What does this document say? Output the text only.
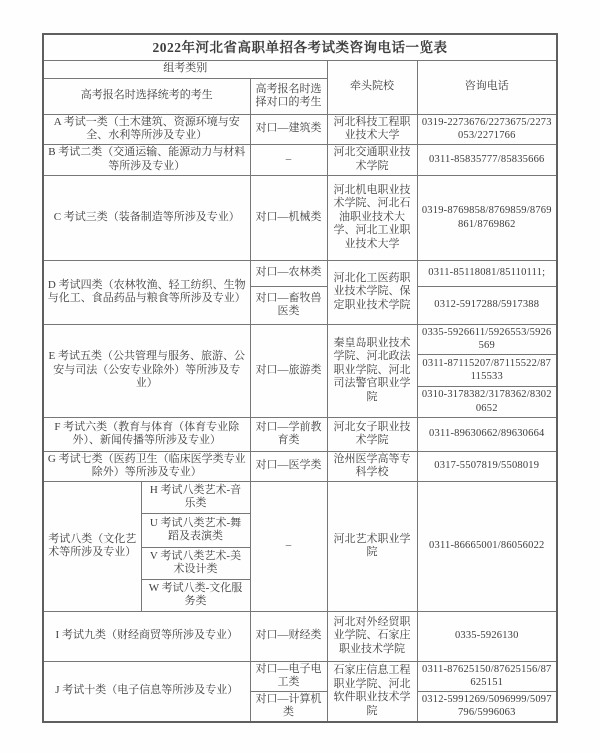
2022年河北省高职单招各考试类咨询电话一览表				
组考类别			牵头院校	咨询电话
高考报名时选择统考的考生		高考报名时选择对口的考生		
A 考试一类（土木建筑、资源环境与安全、水利等所涉及专业）		对口—建筑类	河北科技工程职业技术大学	0319-2273676/2273675/2273053/2271766
B 考试二类（交通运输、能源动力与材料等所涉及专业）		–	河北交通职业技术学院	0311-85835777/85835666
C 考试三类（装备制造等所涉及专业）		对口—机械类	河北机电职业技术学院、河北石油职业技术大学、河北工业职业技术大学	0319-8769858/8769859/8769861/8769862
D 考试四类（农林牧渔、轻工纺织、生物与化工、食品药品与粮食等所涉及专业）		对口—农林类	河北化工医药职业技术学院、保定职业技术学院	0311-85118081/85110111;
		对口—畜牧兽医类		0312-5917288/5917388
E 考试五类（公共管理与服务、旅游、公安与司法（公安专业除外）等所涉及专业）		对口—旅游类	秦皇岛职业技术学院、河北政法职业学院、河北司法警官职业学院	0335-5926611/5926553/5926569
				0311-87115207/87115522/87115533
				0310-3178382/3178362/83020652
F 考试六类（教育与体育（体育专业除外）、新闻传播等所涉及专业）		对口—学前教育类	河北女子职业技术学院	0311-89630662/89630664
G 考试七类（医药卫生（临床医学类专业除外）等所涉及专业）		对口—医学类	沧州医学高等专科学校	0317-5507819/5508019
考试八类（文化艺术等所涉及专业）	H 考试八类艺术-音乐类	–	河北艺术职业学院	0311-86665001/86056022
	U 考试八类艺术-舞蹈及表演类			
	V 考试八类艺术-美术设计类			
	W 考试八类-文化服务类			
I 考试九类（财经商贸等所涉及专业）		对口—财经类	河北对外经贸职业学院、石家庄职业技术学院	0335-5926130
J 考试十类（电子信息等所涉及专业）		对口—电子电工类	石家庄信息工程职业学院、河北软件职业技术学院	0311-87625150/87625156/87625151
		对口—计算机类		0312-5991269/5096999/5097796/5996063
